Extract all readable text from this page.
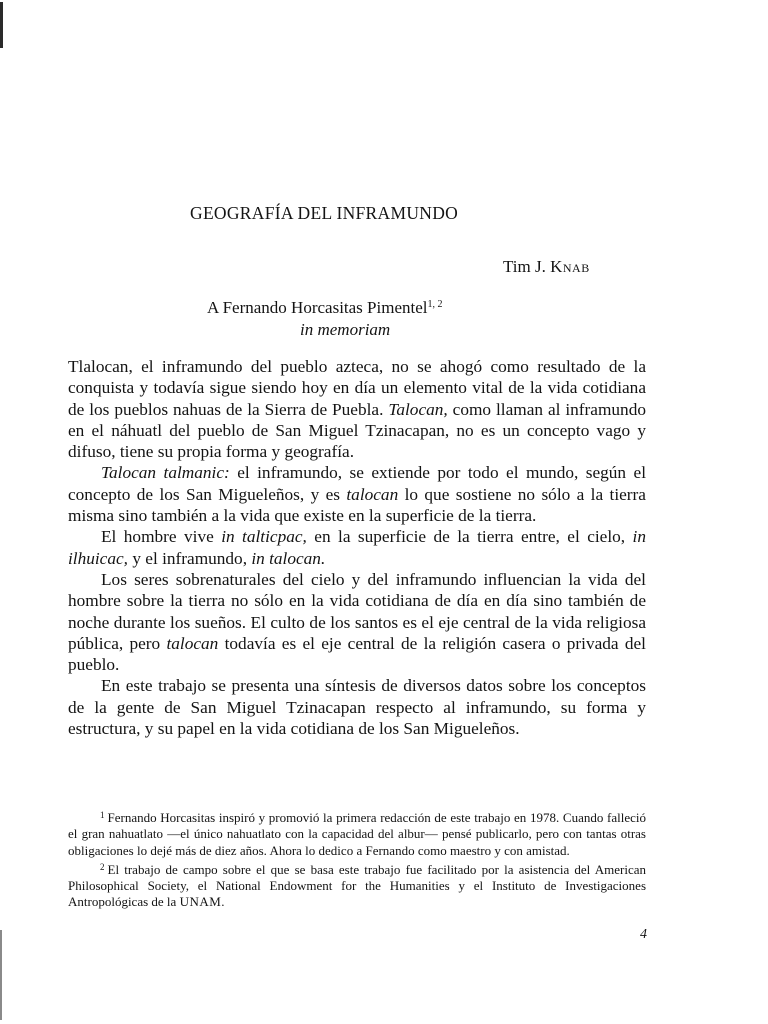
GEOGRAFÍA DEL INFRAMUNDO
Tim J. Knab
A Fernando Horcasitas Pimentel$^{1, 2}$
in memoriam

Tlalocan, el inframundo del pueblo azteca, no se ahogó como resultado de la conquista y todavía sigue siendo hoy en día un elemento vital de la vida cotidiana de los pueblos nahuas de la Sierra de Puebla. Talocan, como llaman al inframundo en el náhuatl del pueblo de San Miguel Tzinacapan, no es un concepto vago y difuso, tiene su propia forma y geografía.

Talocan talmanic: el inframundo, se extiende por todo el mundo, según el concepto de los San Migueleños, y es talocan lo que sostiene no sólo a la tierra misma sino también a la vida que existe en la superficie de la tierra.

El hombre vive in talticpac, en la superficie de la tierra entre, el cielo, in ilhuicac, y el inframundo, in talocan.

Los seres sobrenaturales del cielo y del inframundo influencian la vida del hombre sobre la tierra no sólo en la vida cotidiana de día en día sino también de noche durante los sueños. El culto de los santos es el eje central de la vida religiosa pública, pero talocan todavía es el eje central de la religión casera o privada del pueblo.

En este trabajo se presenta una síntesis de diversos datos sobre los conceptos de la gente de San Miguel Tzinacapan respecto al inframundo, su forma y estructura, y su papel en la vida cotidiana de los San Migueleños.

$^1$ Fernando Horcasitas inspiró y promovió la primera redacción de este trabajo en 1978. Cuando falleció el gran nahuatlato —el único nahuatlato con la capacidad del albur— pensé publicarlo, pero con tantas otras obligaciones lo dejé más de diez años. Ahora lo dedico a Fernando como maestro y con amistad.

$^2$ El trabajo de campo sobre el que se basa este trabajo fue facilitado por la asistencia del American Philosophical Society, el National Endowment for the Humanities y el Instituto de Investigaciones Antropológicas de la UNAM.

4
